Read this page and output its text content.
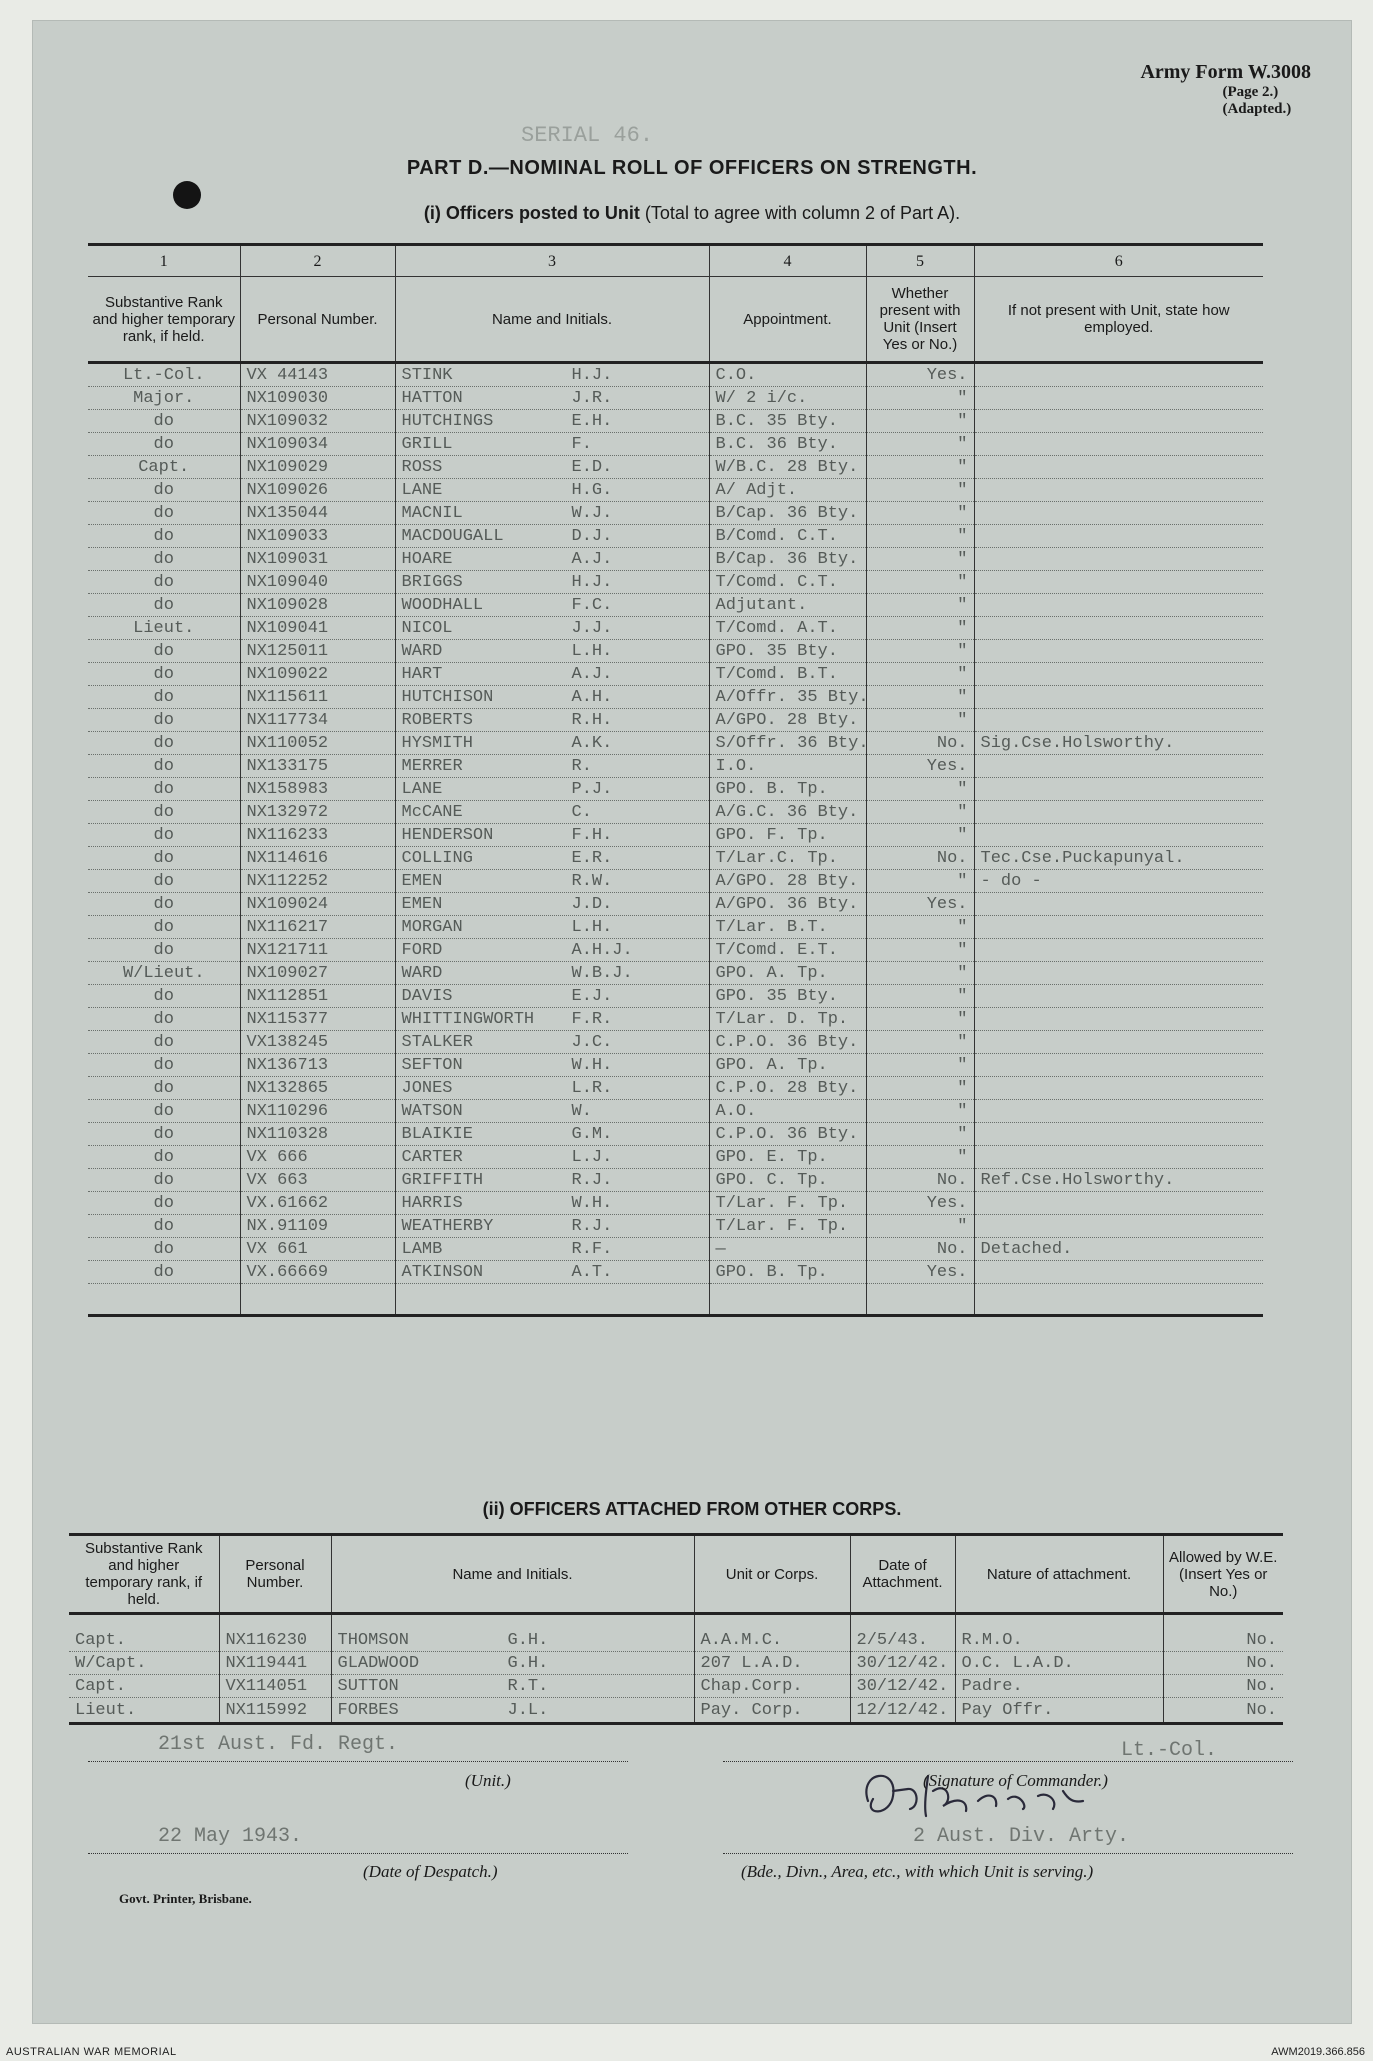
Army Form W.3008
(Page 2.)
(Adapted.)
SERIAL 46.
PART D.—NOMINAL ROLL OF OFFICERS ON STRENGTH.
(i) Officers posted to Unit (Total to agree with column 2 of Part A).
1	2	3	4	5	6
Substantive Rank and higher temporary rank, if held.	Personal Number.	Name and Initials.	Appointment.	Whether present with Unit (Insert Yes or No.)	If not present with Unit, state how employed.
Lt.-Col.	VX 44143	STINK H.J.	C.O.	Yes.	
Major.	NX109030	HATTON J.R.	W/ 2 i/c.	"	
do	NX109032	HUTCHINGS E.H.	B.C. 35 Bty.	"	
do	NX109034	GRILL F.	B.C. 36 Bty.	"	
Capt.	NX109029	ROSS E.D.	W/B.C. 28 Bty.	"	
do	NX109026	LANE H.G.	A/ Adjt.	"	
do	NX135044	MACNIL W.J.	B/Cap. 36 Bty.	"	
do	NX109033	MACDOUGALL D.J.	B/Comd. C.T.	"	
do	NX109031	HOARE A.J.	B/Cap. 36 Bty.	"	
do	NX109040	BRIGGS H.J.	T/Comd. C.T.	"	
do	NX109028	WOODHALL F.C.	Adjutant.	"	
Lieut.	NX109041	NICOL J.J.	T/Comd. A.T.	"	
do	NX125011	WARD L.H.	GPO. 35 Bty.	"	
do	NX109022	HART A.J.	T/Comd. B.T.	"	
do	NX115611	HUTCHISON A.H.	A/Offr. 35 Bty.	"	
do	NX117734	ROBERTS R.H.	A/GPO. 28 Bty.	"	
do	NX110052	HYSMITH A.K.	S/Offr. 36 Bty.	No.	Sig.Cse.Holsworthy.
do	NX133175	MERRER R.	I.O.	Yes.	
do	NX158983	LANE P.J.	GPO. B. Tp.	"	
do	NX132972	McCANE C.	A/G.C. 36 Bty.	"	
do	NX116233	HENDERSON F.H.	GPO. F. Tp.	"	
do	NX114616	COLLING E.R.	T/Lar.C. Tp.	No.	Tec.Cse.Puckapunyal.
do	NX112252	EMEN R.W.	A/GPO. 28 Bty.	"	- do -
do	NX109024	EMEN J.D.	A/GPO. 36 Bty.	Yes.	
do	NX116217	MORGAN L.H.	T/Lar. B.T.	"	
do	NX121711	FORD A.H.J.	T/Comd. E.T.	"	
W/Lieut.	NX109027	WARD W.B.J.	GPO. A. Tp.	"	
do	NX112851	DAVIS E.J.	GPO. 35 Bty.	"	
do	NX115377	WHITTINGWORTH F.R.	T/Lar. D. Tp.	"	
do	VX138245	STALKER J.C.	C.P.O. 36 Bty.	"	
do	NX136713	SEFTON W.H.	GPO. A. Tp.	"	
do	NX132865	JONES L.R.	C.P.O. 28 Bty.	"	
do	NX110296	WATSON W.	A.O.	"	
do	NX110328	BLAIKIE G.M.	C.P.O. 36 Bty.	"	
do	VX 666	CARTER L.J.	GPO. E. Tp.	"	
do	VX 663	GRIFFITH R.J.	GPO. C. Tp.	No.	Ref.Cse.Holsworthy.
do	VX.61662	HARRIS W.H.	T/Lar. F. Tp.	Yes.	
do	NX.91109	WEATHERBY R.J.	T/Lar. F. Tp.	"	
do	VX 661	LAMB R.F.	—	No.	Detached.
do	VX.66669	ATKINSON A.T.	GPO. B. Tp.	Yes.	

(ii) OFFICERS ATTACHED FROM OTHER CORPS.
Substantive Rank and higher temporary rank, if held.	Personal Number.	Name and Initials.	Unit or Corps.	Date of Attachment.	Nature of attachment.	Allowed by W.E. (Insert Yes or No.)

Capt.	NX116230	THOMSON G.H.	A.A.M.C.	2/5/43.	R.M.O.	No.
W/Capt.	NX119441	GLADWOOD G.H.	207 L.A.D.	30/12/42.	O.C. L.A.D.	No.
Capt.	VX114051	SUTTON R.T.	Chap.Corp.	30/12/42.	Padre.	No.
Lieut.	NX115992	FORBES J.L.	Pay. Corp.	12/12/42.	Pay Offr.	No.
21st Aust. Fd. Regt.
(Unit.)
Lt.-Col.
(Signature of Commander.)
22 May 1943.
(Date of Despatch.)
2 Aust. Div. Arty.
(Bde., Divn., Area, etc., with which Unit is serving.)
Govt. Printer, Brisbane.
AUSTRALIAN WAR MEMORIAL	AWM2019.366.856
